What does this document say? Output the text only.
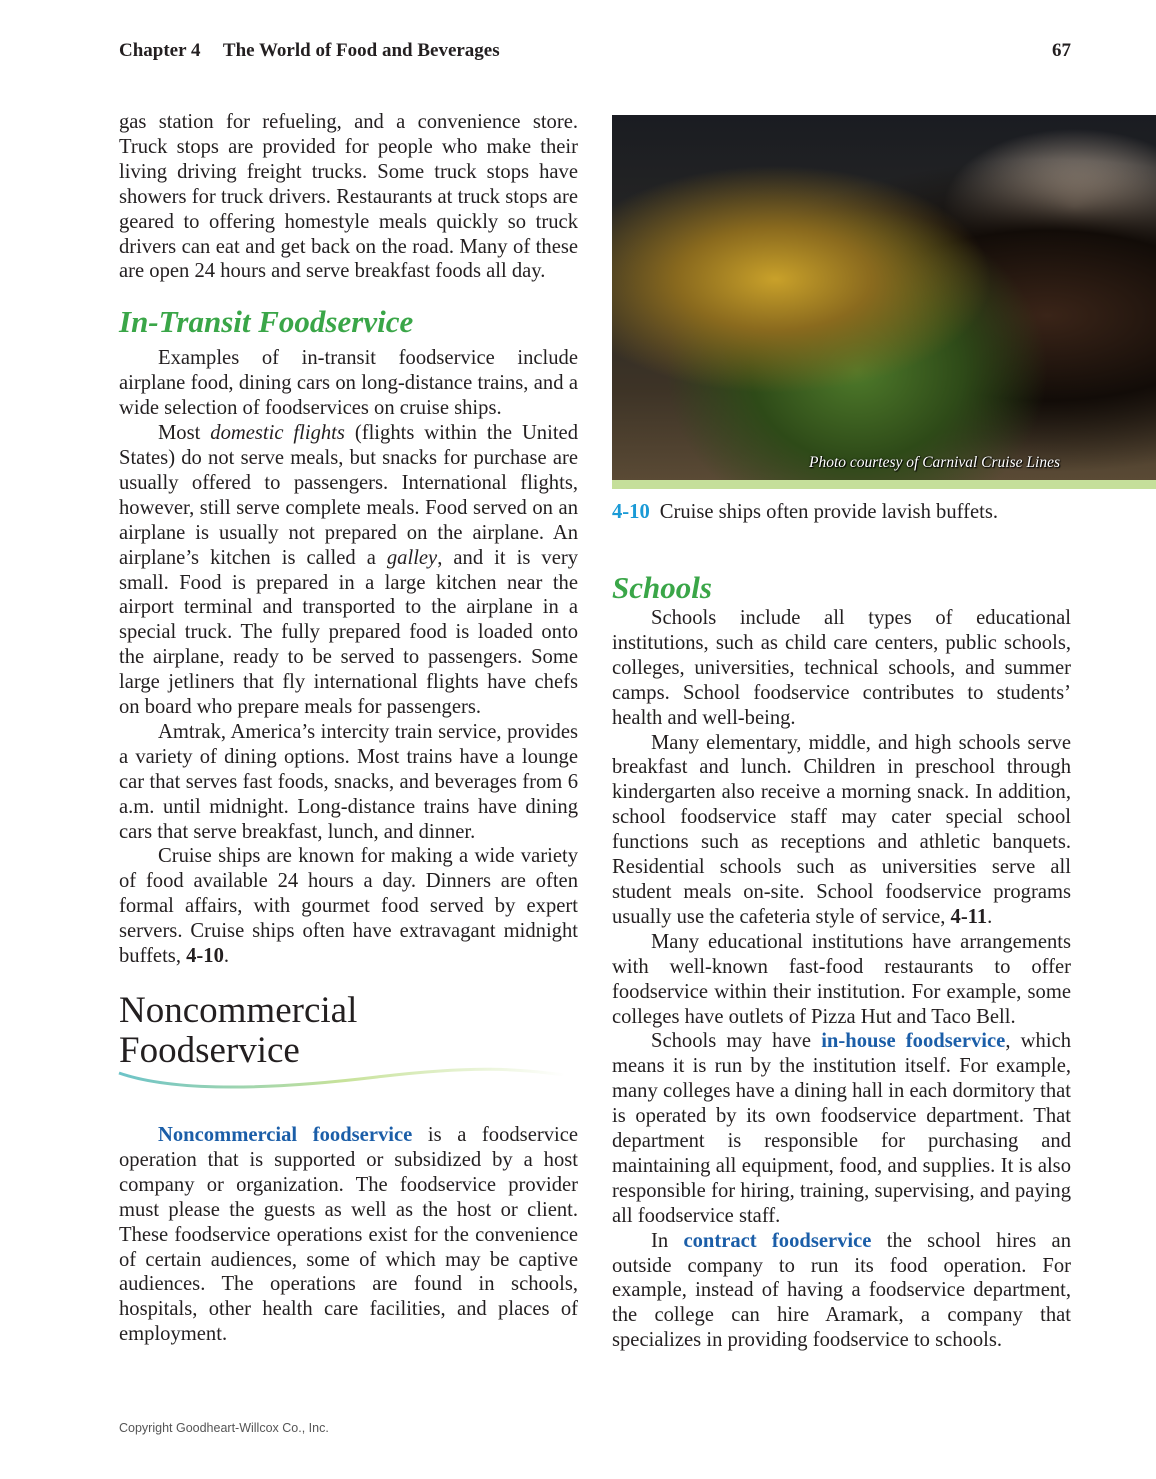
Chapter 4 The World of Food and Beverages	67

gas station for refueling, and a convenience store. Truck stops are provided for people who make their living driving freight trucks. Some truck stops have showers for truck drivers. Restaurants at truck stops are geared to offering homestyle meals quickly so truck drivers can eat and get back on the road. Many of these are open 24 hours and serve breakfast foods all day.

In-Transit Foodservice

Examples of in-transit foodservice include airplane food, dining cars on long-distance trains, and a wide selection of foodservices on cruise ships.

Most domestic flights (flights within the United States) do not serve meals, but snacks for purchase are usually offered to passengers. International flights, however, still serve complete meals. Food served on an airplane is usually not prepared on the airplane. An airplane’s kitchen is called a galley, and it is very small. Food is prepared in a large kitchen near the airport terminal and transported to the airplane in a special truck. The fully prepared food is loaded onto the airplane, ready to be served to passengers. Some large jetliners that fly international flights have chefs on board who prepare meals for passengers.

Amtrak, America’s intercity train service, provides a variety of dining options. Most trains have a lounge car that serves fast foods, snacks, and beverages from 6 a.m. until midnight. Long-distance trains have dining cars that serve breakfast, lunch, and dinner.

Cruise ships are known for making a wide variety of food available 24 hours a day. Dinners are often formal affairs, with gourmet food served by expert servers. Cruise ships often have extravagant midnight buffets, 4-10.

Noncommercial
Foodservice

Noncommercial foodservice is a foodservice operation that is supported or subsidized by a host company or organization. The foodservice provider must please the guests as well as the host or client. These foodservice operations exist for the convenience of certain audiences, some of which may be captive audiences. The operations are found in schools, hospitals, other health care facilities, and places of employment.

Photo courtesy of Carnival Cruise Lines
4-10 Cruise ships often provide lavish buffets.
Schools

Schools include all types of educational institutions, such as child care centers, public schools, colleges, universities, technical schools, and summer camps. School foodservice contributes to students’ health and well-being.

Many elementary, middle, and high schools serve breakfast and lunch. Children in preschool through kindergarten also receive a morning snack. In addition, school foodservice staff may cater special school functions such as receptions and athletic banquets. Residential schools such as universities serve all student meals on-site. School foodservice programs usually use the cafeteria style of service, 4-11.

Many educational institutions have arrangements with well-known fast-food restaurants to offer foodservice within their institution. For example, some colleges have outlets of Pizza Hut and Taco Bell.

Schools may have in-house foodservice, which means it is run by the institution itself. For example, many colleges have a dining hall in each dormitory that is operated by its own foodservice department. That department is responsible for purchasing and maintaining all equipment, food, and supplies. It is also responsible for hiring, training, supervising, and paying all foodservice staff.

In contract foodservice the school hires an outside company to run its food operation. For example, instead of having a foodservice department, the college can hire Aramark, a company that specializes in providing foodservice to schools.

Copyright Goodheart-Willcox Co., Inc.
